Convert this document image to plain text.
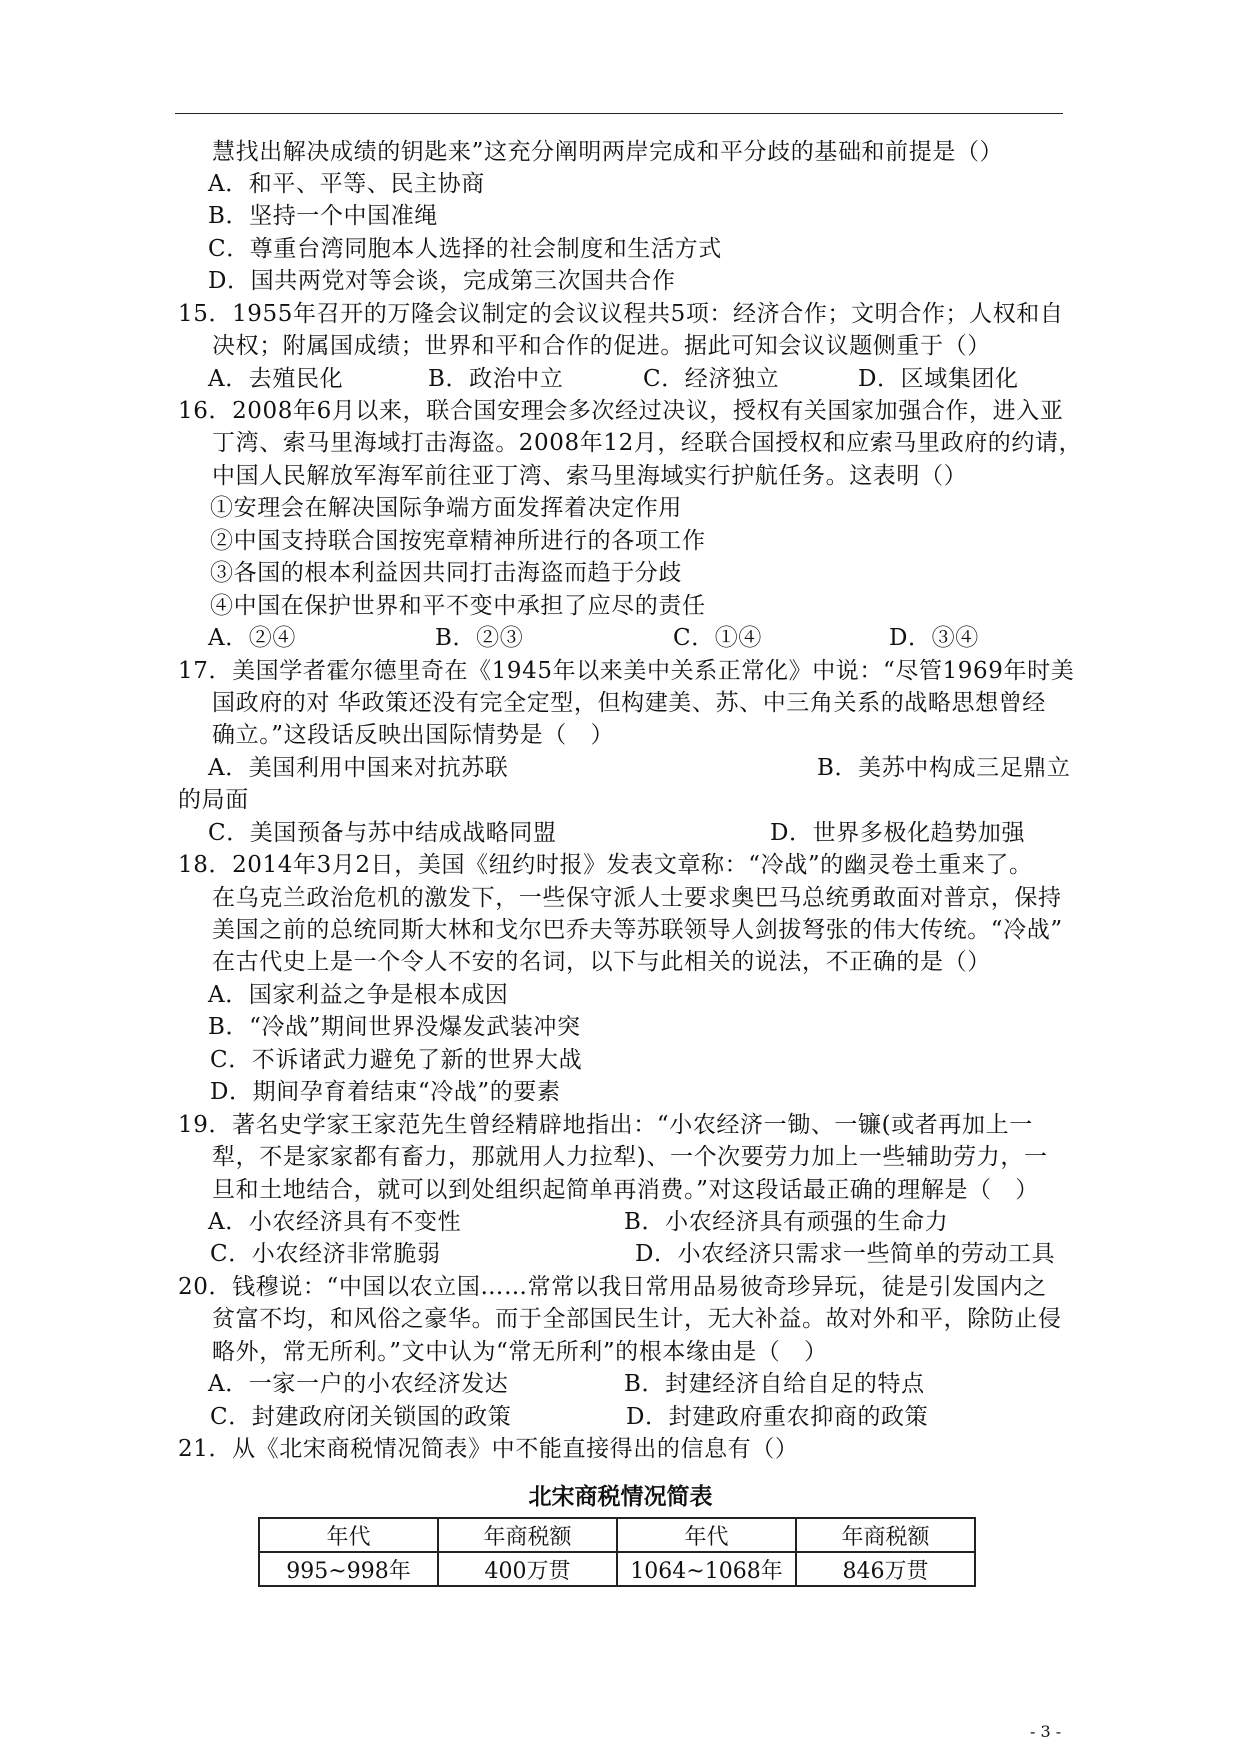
慧找出解决成绩的钥匙来”这充分阐明两岸完成和平分歧的基础和前提是（）
A．和平、平等、民主协商
B．坚持一个中国准绳
C．尊重台湾同胞本人选择的社会制度和生活方式
D．国共两党对等会谈，完成第三次国共合作
15．1955年召开的万隆会议制定的会议议程共5项：经济合作；文明合作；人权和自
决权；附属国成绩；世界和平和合作的促进。据此可知会议议题侧重于（）
A．去殖民化	B．政治中立	C．经济独立	D．区域集团化
16．2008年6月以来，联合国安理会多次经过决议，授权有关国家加强合作，进入亚
丁湾、索马里海域打击海盗。2008年12月，经联合国授权和应索马里政府的约请，
中国人民解放军海军前往亚丁湾、索马里海域实行护航任务。这表明（）
①安理会在解决国际争端方面发挥着决定作用
②中国支持联合国按宪章精神所进行的各项工作
③各国的根本利益因共同打击海盗而趋于分歧
④中国在保护世界和平不变中承担了应尽的责任
A．②④	B．②③	C．①④	D．③④
17．美国学者霍尔德里奇在《1945年以来美中关系正常化》中说：“尽管1969年时美
国政府的对 华政策还没有完全定型，但构建美、苏、中三角关系的战略思想曾经
确立。”这段话反映出国际情势是（　）
A．美国利用中国来对抗苏联	B．美苏中构成三足鼎立
的局面
C．美国预备与苏中结成战略同盟	D．世界多极化趋势加强
18．2014年3月2日，美国《纽约时报》发表文章称：“冷战”的幽灵卷土重来了。
在乌克兰政治危机的激发下，一些保守派人士要求奥巴马总统勇敢面对普京，保持
美国之前的总统同斯大林和戈尔巴乔夫等苏联领导人剑拔弩张的伟大传统。“冷战”
在古代史上是一个令人不安的名词，以下与此相关的说法，不正确的是（）
A．国家利益之争是根本成因
B．“冷战”期间世界没爆发武装冲突
C．不诉诸武力避免了新的世界大战
D．期间孕育着结束“冷战”的要素
19．著名史学家王家范先生曾经精辟地指出：“小农经济一锄、一镰(或者再加上一
犁，不是家家都有畜力，那就用人力拉犁)、一个次要劳力加上一些辅助劳力，一
旦和土地结合，就可以到处组织起简单再消费。”对这段话最正确的理解是（　）
A．小农经济具有不变性	B．小农经济具有顽强的生命力
C．小农经济非常脆弱	D．小农经济只需求一些简单的劳动工具
20．钱穆说：“中国以农立国……常常以我日常用品易彼奇珍异玩，徒是引发国内之
贫富不均，和风俗之豪华。而于全部国民生计，无大补益。故对外和平，除防止侵
略外，常无所利。”文中认为“常无所利”的根本缘由是（　）
A．一家一户的小农经济发达	B．封建经济自给自足的特点
C．封建政府闭关锁国的政策	D．封建政府重农抑商的政策
21．从《北宋商税情况简表》中不能直接得出的信息有（）
北宋商税情况简表
年代	年商税额	年代	年商税额
995~998年	400万贯	1064~1068年	846万贯
- 3 -
